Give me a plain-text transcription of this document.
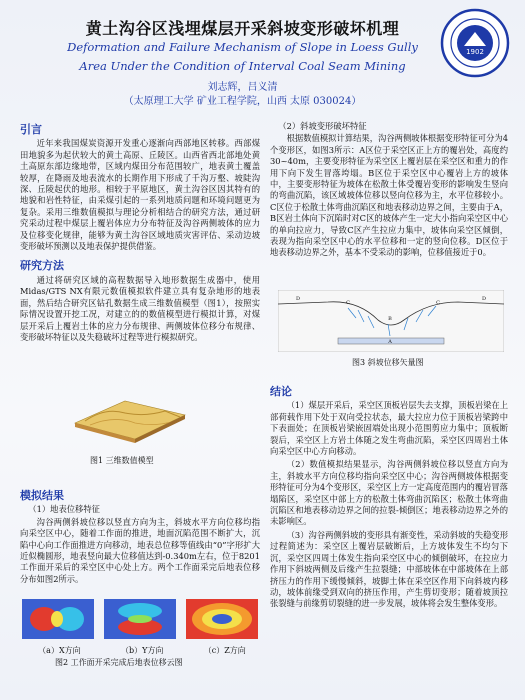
黄土沟谷区浅埋煤层开采斜坡变形破坏机理
Deformation and Failure Mechanism of Slope in Loess Gully
Area Under the Condition of Interval Coal Seam Mining
刘志辉，吕义清
（太原理工大学 矿业工程学院，山西 太原 030024）
1902
引言

近年来我国煤炭资源开发重心逐渐向西部地区转移。西部煤田地貌多为起伏较大的黄土高原、丘陵区。山西省西北部地处黄土高原东部边缘地带，区域内煤田分布范围较广，地表黄土覆盖较厚，在降雨及地表流水的长期作用下形成了千沟万壑、坡陡沟深、丘陵起伏的地形。相较于平原地区，黄土沟谷区因其特有的地貌和岩性特征，由采煤引起的一系列地质问题和环境问题更为复杂。采用三维数值模拟与理论分析相结合的研究方法，通过研究采动过程中煤层上覆岩体应力分布特征及沟谷两侧坡体的应力及位移变化规律，能够为黄土沟谷区域地质灾害评估、采动边坡变形破坏预测以及地表保护提供借鉴。

研究方法

通过将研究区域的高程数据导入地形数据生成器中，使用Midas/GTS NX有限元数值模拟软件建立具有复杂地形的地表面，然后结合研究区钻孔数据生成三维数值模型（图1），按照实际情况设置开挖工况，对建立的的数值模型进行模拟计算，对煤层开采后上覆岩土体的应力分布规律、两侧坡体位移分布规律、变形破坏特征以及失稳破坏过程等进行模拟研究。

图1 三维数值模型
模拟结果
（1）地表位移特征

沟谷两侧斜坡位移以竖直方向为主，斜坡水平方向位移均指向采空区中心，随着工作面的推进，地面沉陷范围不断扩大，沉陷中心向工作面推进方向移动，地表总位移等值线由“0”字形扩大近似椭圆形，地表竖向最大位移值达到-0.340m左右，位于8201工作面开采后的采空区中心处上方。两个工作面采完后地表位移分布如图2所示。

（a）X方向	（b）Y方向	（c）Z方向
图2 工作面开采完成后地表位移云图
（2）斜坡变形破坏特征

根据数值模拟计算结果，沟谷两侧坡体根据变形特征可分为4个变形区，如图3所示：A区位于采空区正上方的覆岩处，高度约30~40m，主要变形特征为采空区上覆岩层在采空区和重力的作用下向下发生冒落垮塌。B区位于采空区中心覆岩上方的坡体中，主要变形特征为坡体在松散土体受覆岩变形的影响发生竖向的弯曲沉陷，该区域坡体位移以竖向位移为主，水平位移较小。C区位于松散土体弯曲沉陷区和地表移动边界之间，主要由于A，B区岩土体向下沉陷时对C区的坡体产生一定大小指向采空区中心的单向拉应力，导致C区产生拉应力集中，坡体向采空区倾倒，表现为指向采空区中心的水平位移和一定的竖向位移。D区位于地表移动边界之外，基本不受采动的影响，位移值接近于0。

A
B
C	C
D	D
图3 斜坡位移矢量图
结论

（1）煤层开采后，采空区顶板岩层失去支撑，顶板岩梁在上部荷载作用下处于双向受拉状态，最大拉应力位于顶板岩梁跨中下表面处；在顶板岩梁嵌固端处出现小范围剪应力集中；顶板断裂后，采空区上方岩土体随之发生弯曲沉陷，采空区四周岩土体向采空区中心方向移动。

（2）数值模拟结果显示，沟谷两侧斜坡位移以竖直方向为主，斜坡水平方向位移均指向采空区中心；沟谷两侧坡体根据变形特征可分为4个变形区，采空区上方一定高度范围内的覆岩冒落塌陷区，采空区中部上方的松散土体弯曲沉陷区；松散土体弯曲沉陷区和地表移动边界之间的拉裂-倾倒区；地表移动边界之外的未影响区。

（3）沟谷两侧斜坡的变形具有渐变性，采动斜坡的失稳变形过程简述为：采空区上覆岩层破断后，上方坡体发生不均匀下沉，采空区四周土体发生指向采空区中心的倾倒破坏，在拉应力作用下斜坡两侧及后缘产生拉裂缝；中部坡体在中部坡体在上部挤压力的作用下缓慢倾斜，坡脚土体在采空区作用下向斜坡内移动，坡体前缘受到双向的挤压作用，产生剪切变形；随着坡顶拉张裂缝与前缘剪切裂缝的进一步发展，坡体将会发生整体变形。
